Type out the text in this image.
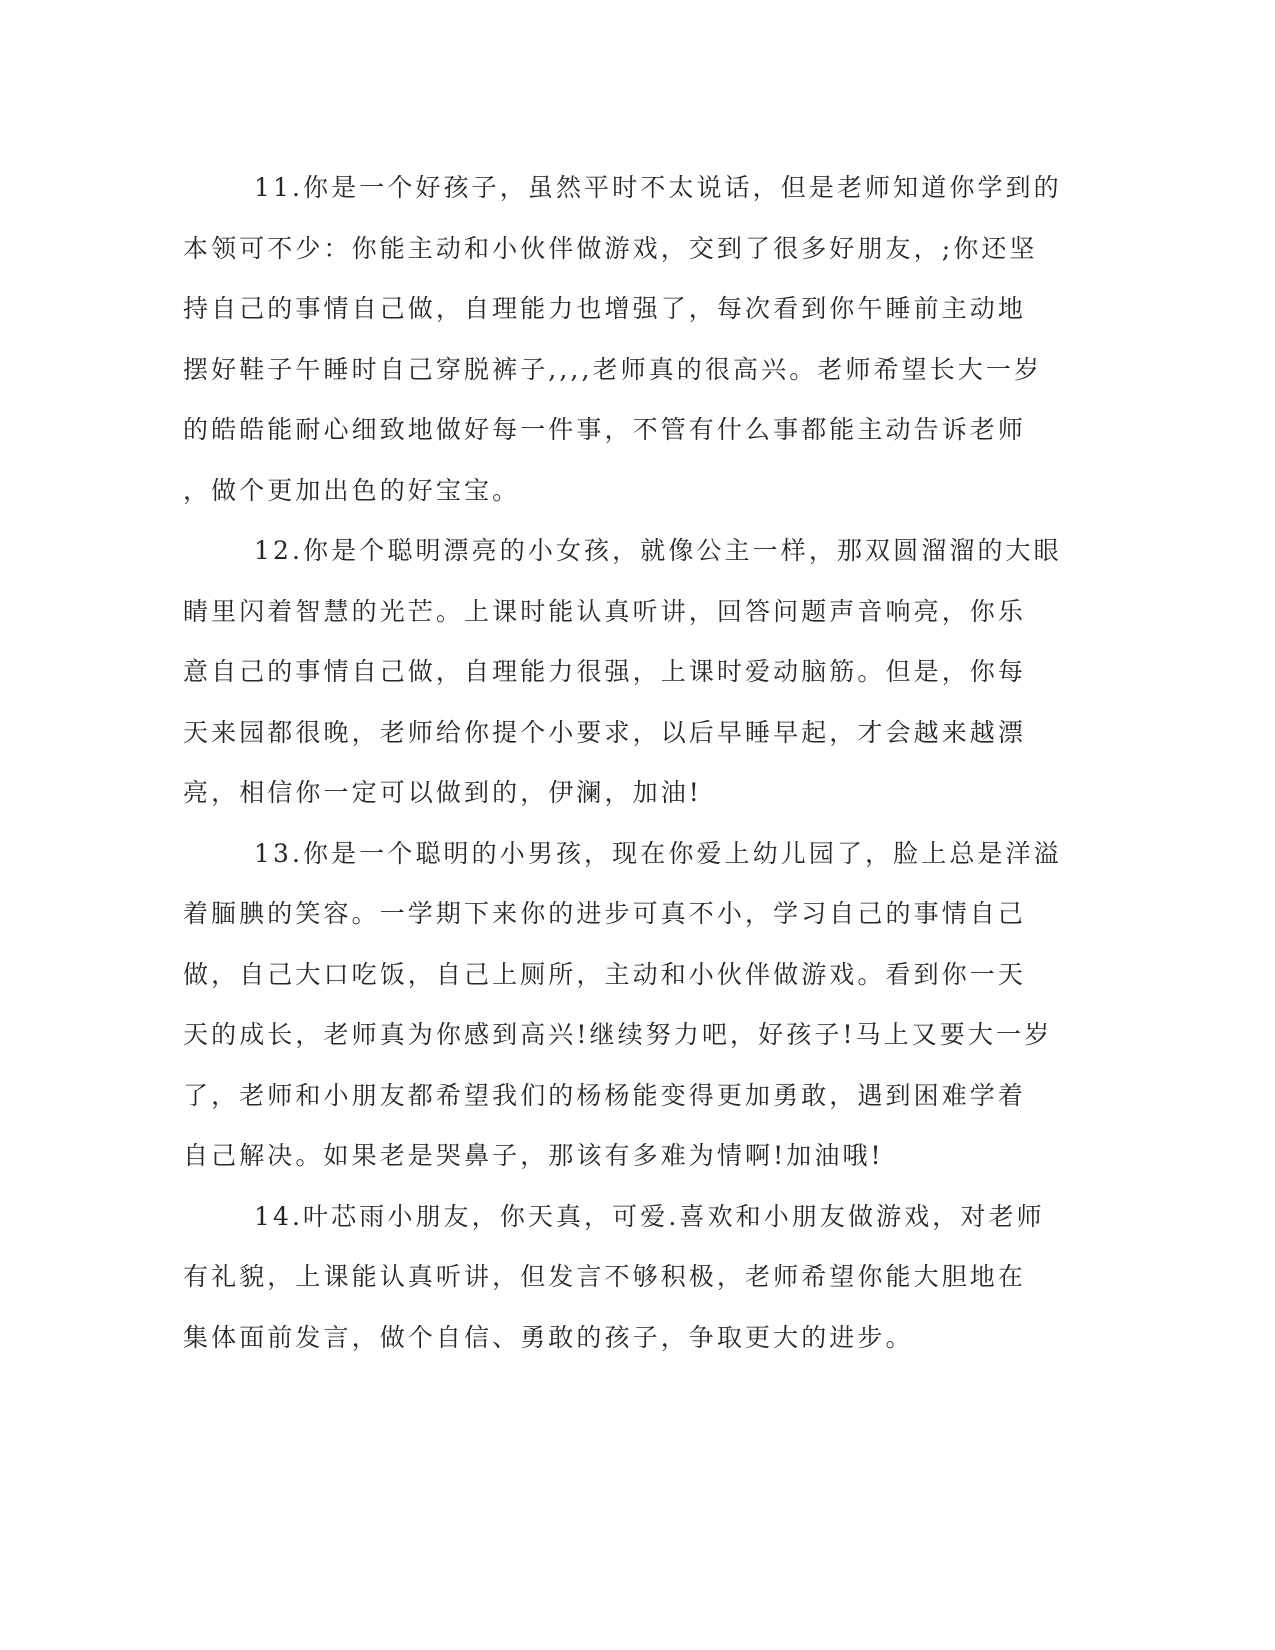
11.你是一个好孩子，虽然平时不太说话，但是老师知道你学到的
本领可不少：你能主动和小伙伴做游戏，交到了很多好朋友，;你还坚
持自己的事情自己做，自理能力也增强了，每次看到你午睡前主动地
摆好鞋子午睡时自己穿脱裤子,,,,老师真的很高兴。老师希望长大一岁
的皓皓能耐心细致地做好每一件事，不管有什么事都能主动告诉老师
，做个更加出色的好宝宝。

12.你是个聪明漂亮的小女孩，就像公主一样，那双圆溜溜的大眼
睛里闪着智慧的光芒。上课时能认真听讲，回答问题声音响亮，你乐
意自己的事情自己做，自理能力很强，上课时爱动脑筋。但是，你每
天来园都很晚，老师给你提个小要求，以后早睡早起，才会越来越漂
亮，相信你一定可以做到的，伊澜，加油!

13.你是一个聪明的小男孩，现在你爱上幼儿园了，脸上总是洋溢
着腼腆的笑容。一学期下来你的进步可真不小，学习自己的事情自己
做，自己大口吃饭，自己上厕所，主动和小伙伴做游戏。看到你一天
天的成长，老师真为你感到高兴!继续努力吧，好孩子!马上又要大一岁
了，老师和小朋友都希望我们的杨杨能变得更加勇敢，遇到困难学着
自己解决。如果老是哭鼻子，那该有多难为情啊!加油哦!

14.叶芯雨小朋友，你天真，可爱.喜欢和小朋友做游戏，对老师
有礼貌，上课能认真听讲，但发言不够积极，老师希望你能大胆地在
集体面前发言，做个自信、勇敢的孩子，争取更大的进步。
